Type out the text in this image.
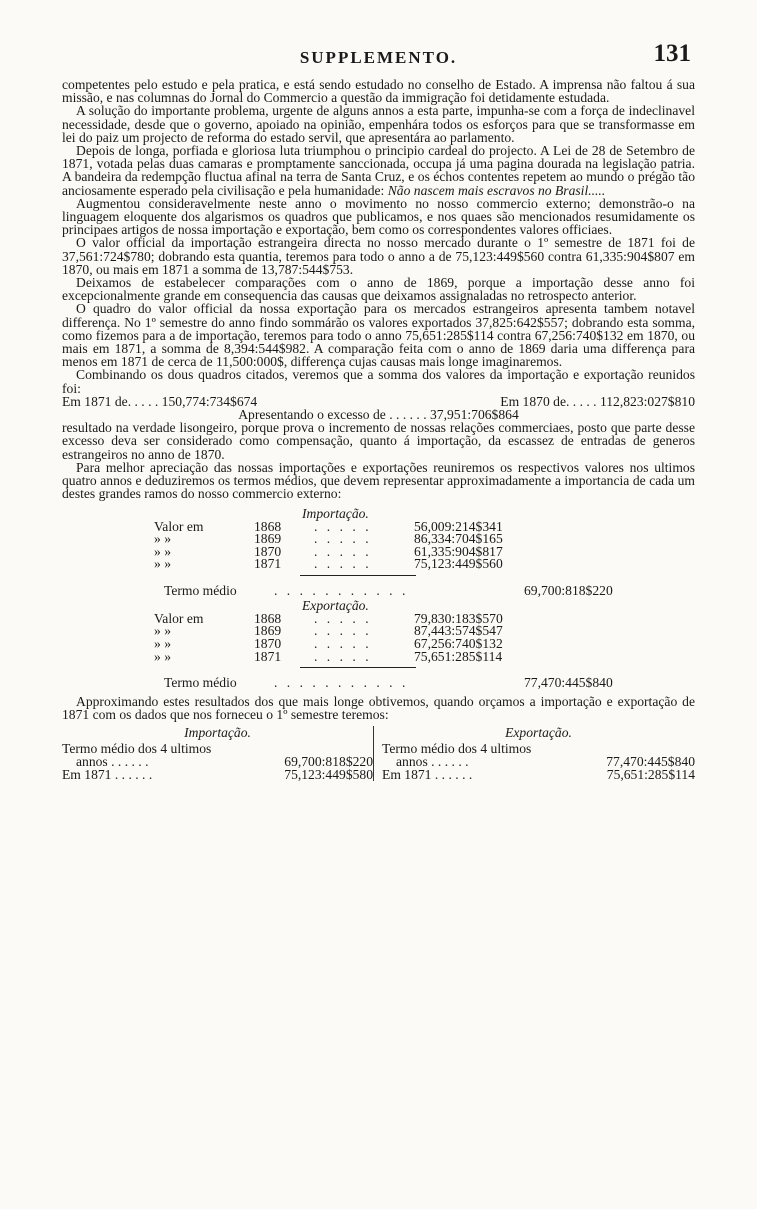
SUPPLEMENTO.	131

competentes pelo estudo e pela pratica, e está sendo estudado no conselho de Estado. A imprensa não faltou á sua missão, e nas columnas do Jornal do Commercio a questão da immigração foi detidamente estudada.

A solução do importante problema, urgente de alguns annos a esta parte, impunha-se com a força de indeclinavel necessidade, desde que o governo, apoiado na opinião, empenhára todos os esforços para que se transformasse em lei do paiz um projecto de reforma do estado servil, que apresentára ao parlamento.

Depois de longa, porfiada e gloriosa luta triumphou o principio cardeal do projecto. A Lei de 28 de Setembro de 1871, votada pelas duas camaras e promptamente sanccionada, occupa já uma pagina dourada na legislação patria. A bandeira da redempção fluctua afinal na terra de Santa Cruz, e os échos contentes repetem ao mundo o prégão tão anciosamente esperado pela civilisação e pela humanidade: Não nascem mais escravos no Brasil.....

Augmentou consideravelmente neste anno o movimento no nosso commercio externo; demonstrão-o na linguagem eloquente dos algarismos os quadros que publicamos, e nos quaes são mencionados resumidamente os principaes artigos de nossa importação e exportação, bem como os correspondentes valores officiaes.

O valor official da importação estrangeira directa no nosso mercado durante o 1º semestre de 1871 foi de 37,561:724$780; dobrando esta quantia, teremos para todo o anno a de 75,123:449$560 contra 61,335:904$807 em 1870, ou mais em 1871 a somma de 13,787:544$753.

Deixamos de estabelecer comparações com o anno de 1869, porque a importação desse anno foi excepcionalmente grande em consequencia das causas que deixamos assignaladas no retrospecto anterior.

O quadro do valor official da nossa exportação para os mercados estrangeiros apresenta tambem notavel differença. No 1º semestre do anno findo sommárão os valores exportados 37,825:642$557; dobrando esta somma, como fizemos para a de importação, teremos para todo o anno 75,651:285$114 contra 67,256:740$132 em 1870, ou mais em 1871, a somma de 8,394:544$982. A comparação feita com o anno de 1869 daria uma differença para menos em 1871 de cerca de 11,500:000$, differença cujas causas mais longe imaginaremos.

Combinando os dous quadros citados, veremos que a somma dos valores da importação e exportação reunidos foi:

Em 1871 de. . . . . 150,774:734$674	Em 1870 de. . . . . 112,823:027$810
Apresentando o excesso de . . . . . . 37,951:706$864

resultado na verdade lisongeiro, porque prova o incremento de nossas relações commerciaes, posto que parte desse excesso deva ser considerado como compensação, quanto á importação, da escassez de entradas de generos estrangeiros no anno de 1870.

Para melhor apreciação das nossas importações e exportações reuniremos os respectivos valores nos ultimos quatro annos e deduziremos os termos médios, que devem representar approximadamente a importancia de cada um destes grandes ramos do nosso commercio externo:

Importação.
Valor em	1868	. . . . .	56,009:214$341
» »	1869	. . . . .	86,334:704$165
» »	1870	. . . . .	61,335:904$817
» »	1871	. . . . .	75,123:449$560
Termo médio	. . . . . . . . . . .	69,700:818$220
Exportação.
Valor em	1868	. . . . .	79,830:183$570
» »	1869	. . . . .	87,443:574$547
» »	1870	. . . . .	67,256:740$132
» »	1871	. . . . .	75,651:285$114
Termo médio	. . . . . . . . . . .	77,470:445$840

Approximando estes resultados dos que mais longe obtivemos, quando orçamos a importação e exportação de 1871 com os dados que nos forneceu o 1º semestre teremos:

Importação.
Termo médio dos 4 ultimos
annos . . . . . .	69,700:818$220
Em 1871 . . . . . .	75,123:449$580
Exportação.
Termo médio dos 4 ultimos
annos . . . . . .	77,470:445$840
Em 1871 . . . . . .	75,651:285$114
